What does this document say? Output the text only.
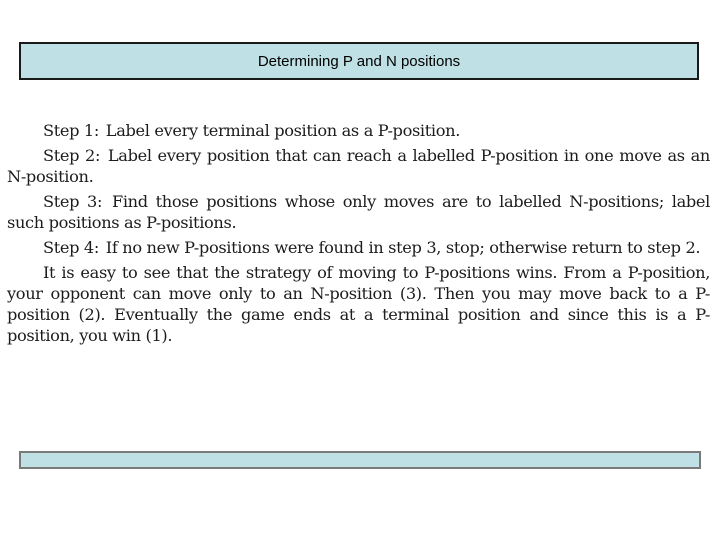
Determining P and N positions

Step 1: Label every terminal position as a P-position.

Step 2: Label every position that can reach a labelled P-position in one move as an N-position.

Step 3: Find those positions whose only moves are to labelled N-positions; label such positions as P-positions.

Step 4: If no new P-positions were found in step 3, stop; otherwise return to step 2.

It is easy to see that the strategy of moving to P-positions wins. From a P-position, your opponent can move only to an N-position (3). Then you may move back to a P-position (2). Eventually the game ends at a terminal position and since this is a P-position, you win (1).
